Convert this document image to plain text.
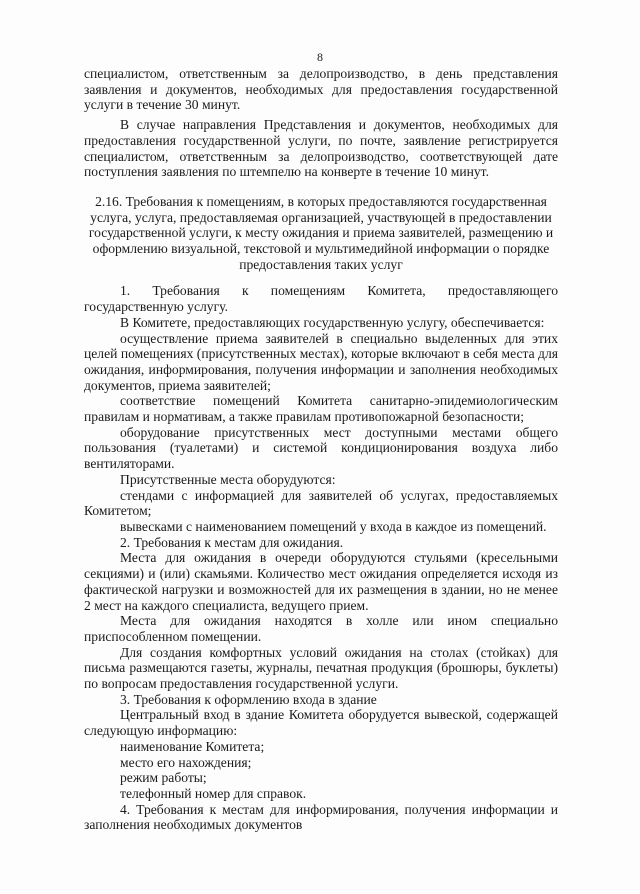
8

специалистом, ответственным за делопроизводство, в день представления заявления и документов, необходимых для предоставления государственной услуги в течение 30 минут.

В случае направления Представления и документов, необходимых для предоставления государственной услуги, по почте, заявление регистрируется специалистом, ответственным за делопроизводство, соответствующей дате поступления заявления по штемпелю на конверте в течение 10 минут.

2.16. Требования к помещениям, в которых предоставляются государственная услуга, услуга, предоставляемая организацией, участвующей в предоставлении государственной услуги, к месту ожидания и приема заявителей, размещению и оформлению визуальной, текстовой и мультимедийной информации о порядке предоставления таких услуг

1. Требования к помещениям Комитета, предоставляющего государственную услугу.

В Комитете, предоставляющих государственную услугу, обеспечивается:

осуществление приема заявителей в специально выделенных для этих целей помещениях (присутственных местах), которые включают в себя места для ожидания, информирования, получения информации и заполнения необходимых документов, приема заявителей;

соответствие помещений Комитета санитарно-эпидемиологическим правилам и нормативам, а также правилам противопожарной безопасности;

оборудование присутственных мест доступными местами общего пользования (туалетами) и системой кондиционирования воздуха либо вентиляторами.

Присутственные места оборудуются:

стендами с информацией для заявителей об услугах, предоставляемых Комитетом;

вывесками с наименованием помещений у входа в каждое из помещений.

2. Требования к местам для ожидания.

Места для ожидания в очереди оборудуются стульями (кресельными секциями) и (или) скамьями. Количество мест ожидания определяется исходя из фактической нагрузки и возможностей для их размещения в здании, но не менее 2 мест на каждого специалиста, ведущего прием.

Места для ожидания находятся в холле или ином специально приспособленном помещении.

Для создания комфортных условий ожидания на столах (стойках) для письма размещаются газеты, журналы, печатная продукция (брошюры, буклеты) по вопросам предоставления государственной услуги.

3. Требования к оформлению входа в здание

Центральный вход в здание Комитета оборудуется вывеской, содержащей следующую информацию:

наименование Комитета;

место его нахождения;

режим работы;

телефонный номер для справок.

4. Требования к местам для информирования, получения информации и заполнения необходимых документов
